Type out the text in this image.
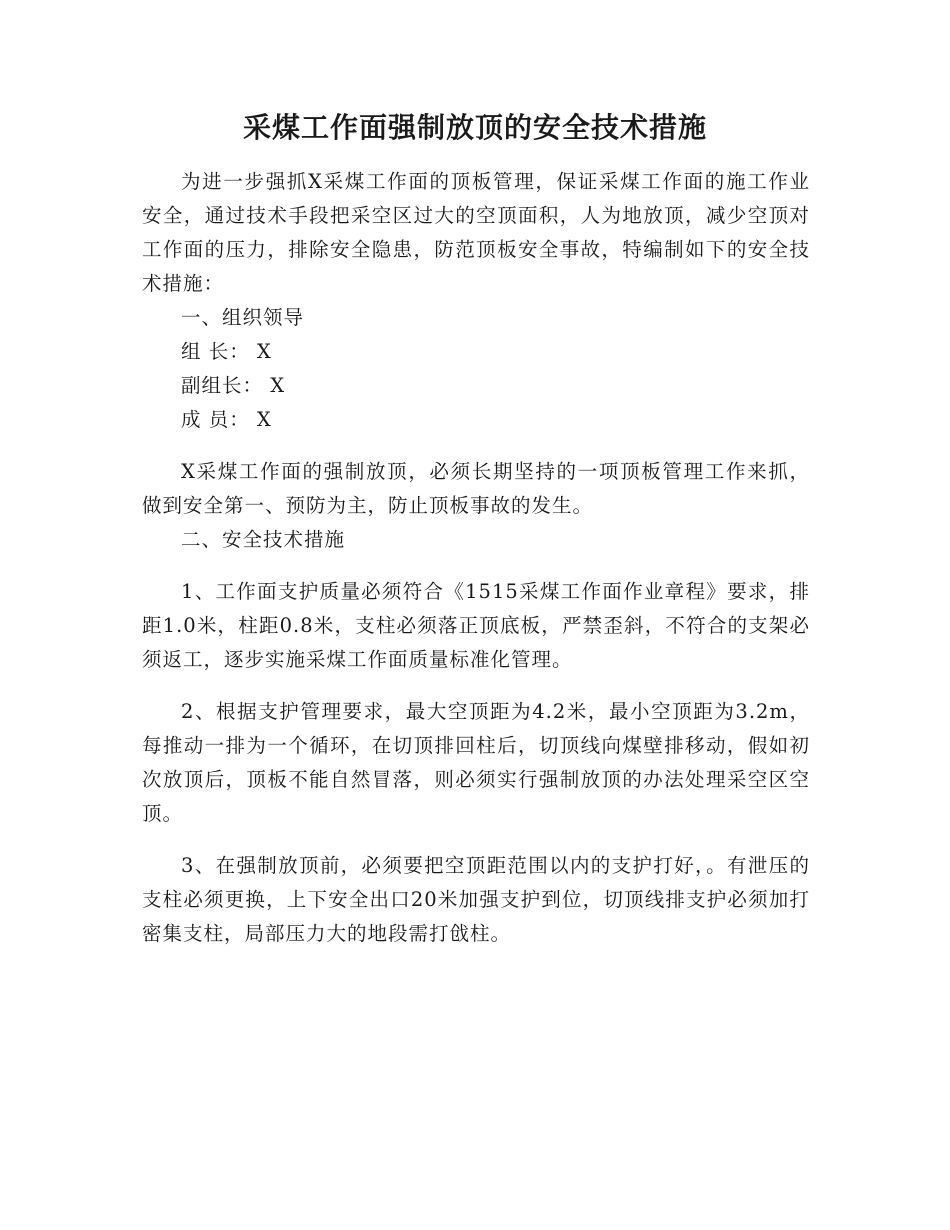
采煤工作面强制放顶的安全技术措施

为进一步强抓X采煤工作面的顶板管理，保证采煤工作面的施工作业安全，通过技术手段把采空区过大的空顶面积，人为地放顶，减少空顶对工作面的压力，排除安全隐患，防范顶板安全事故，特编制如下的安全技术措施：

一、组织领导

组 长： X

副组长： X

成 员： X

X采煤工作面的强制放顶，必须长期坚持的一项顶板管理工作来抓，做到安全第一、预防为主，防止顶板事故的发生。

二、安全技术措施

1、工作面支护质量必须符合《1515采煤工作面作业章程》要求，排距1.0米，柱距0.8米，支柱必须落正顶底板，严禁歪斜，不符合的支架必须返工，逐步实施采煤工作面质量标准化管理。

2、根据支护管理要求，最大空顶距为4.2米，最小空顶距为3.2m，每推动一排为一个循环，在切顶排回柱后，切顶线向煤壁排移动，假如初次放顶后，顶板不能自然冒落，则必须实行强制放顶的办法处理采空区空顶。

3、在强制放顶前，必须要把空顶距范围以内的支护打好，。有泄压的支柱必须更换，上下安全出口20米加强支护到位，切顶线排支护必须加打密集支柱，局部压力大的地段需打戗柱。
